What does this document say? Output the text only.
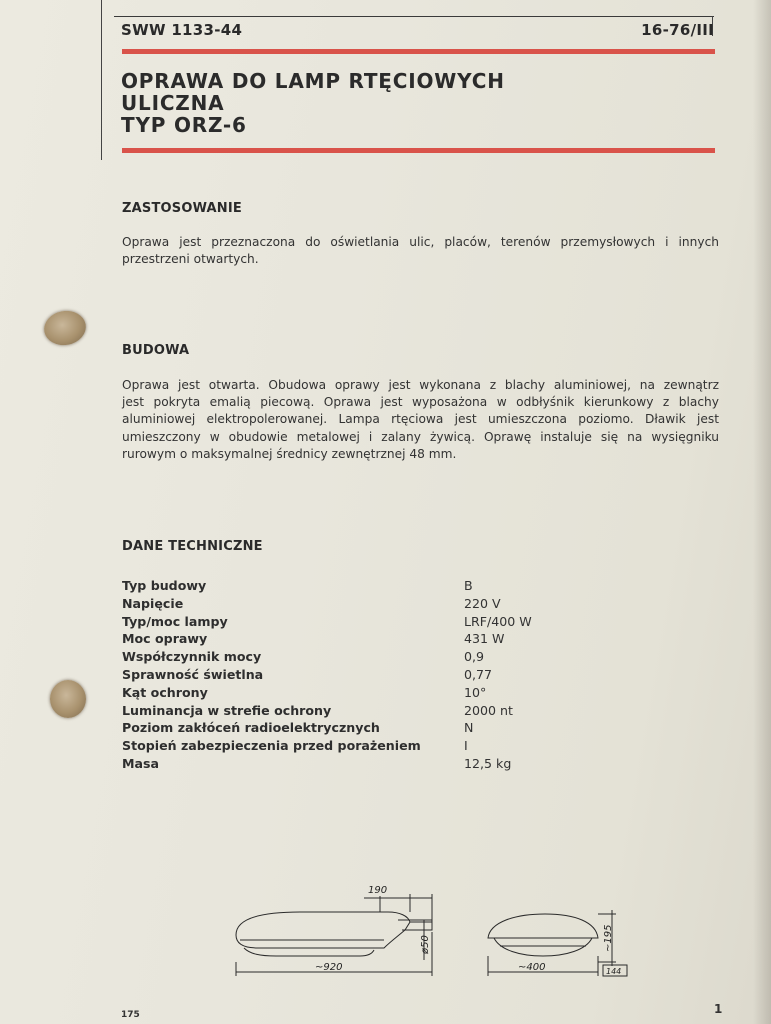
SWW 1133-44	16-76/III
OPRAWA DO LAMP RTĘCIOWYCH
ULICZNA
TYP ORZ-6
ZASTOSOWANIE
Oprawa jest przeznaczona do oświetlania ulic, placów, terenów przemysłowych i innych
przestrzeni otwartych.
BUDOWA
Oprawa jest otwarta. Obudowa oprawy jest wykonana z blachy aluminiowej, na zewnątrz
jest pokryta emalią piecową. Oprawa jest wyposażona w odbłyśnik kierunkowy z blachy
aluminiowej elektropolerowanej. Lampa rtęciowa jest umieszczona poziomo. Dławik jest
umieszczony w obudowie metalowej i zalany żywicą. Oprawę instaluje się na wysięgniku
rurowym o maksymalnej średnicy zewnętrznej 48 mm.
DANE TECHNICZNE
Typ budowy	B
Napięcie	220 V
Typ/moc lampy	LRF/400 W
Moc oprawy	431 W
Współczynnik mocy	0,9
Sprawność świetlna	0,77
Kąt ochrony	10°
Luminancja w strefie ochrony	2000 nt
Poziom zakłóceń radioelektrycznych	N
Stopień zabezpieczenia przed porażeniem	I
Masa	12,5 kg
190
ø50
~920	~400
~195
144
175	1
